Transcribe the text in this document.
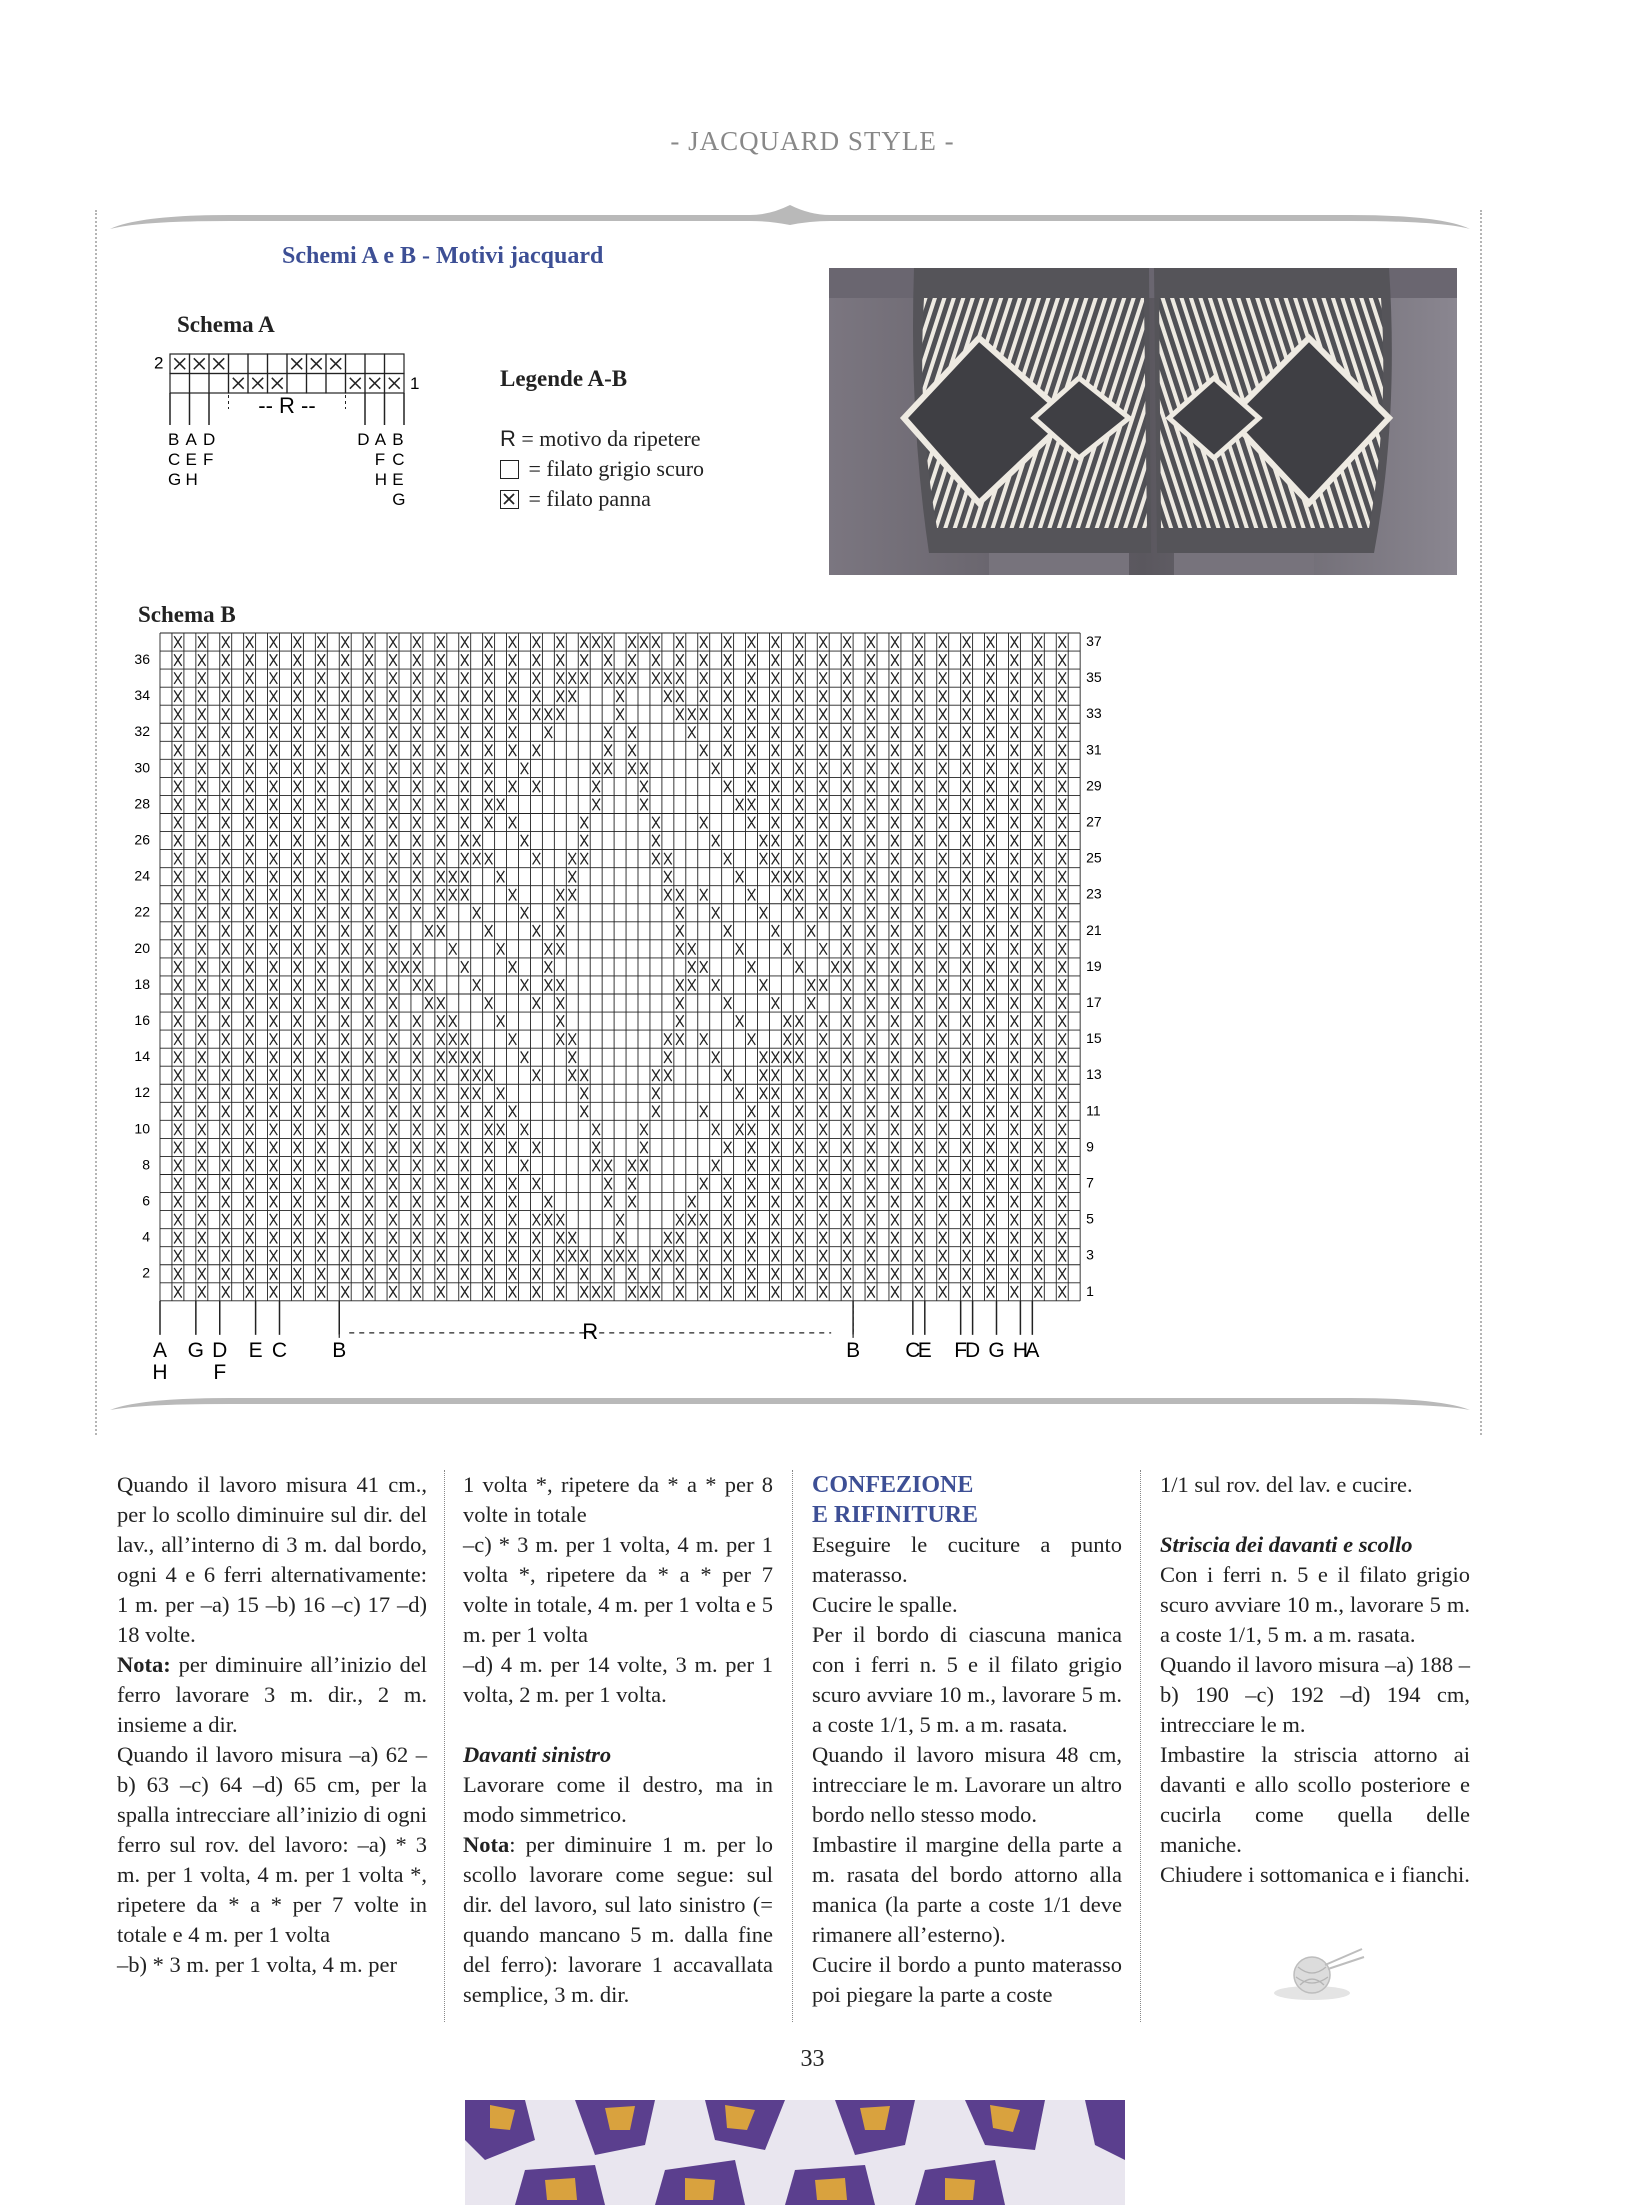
- JACQUARD STYLE -
Schemi A e B - Motivi jacquard
Schema A
2
1
-- R --
B
C
G
A
E
H
D
F
D A
F
H
B
C
E
G
Legende A-B
R = motivo da ripetere
= filato grigio scuro
= filato panna
Schema B
36
34
32
30
28
26
24
22
20
18
16
14
12
10
8
6
4
2
37
35
33
31
29
27
25
23
21
19
17
15
13
11
9
7
5
3
1
A
H
G D
F
E C B
R
B C
E F
D G H
A

Quando il lavoro misura 41 cm., per lo scollo diminuire sul dir. del lav., all’interno di 3 m. dal bordo, ogni 4 e 6 ferri alternativamente: 1 m. per –a) 15 –b) 16 –c) 17 –d) 18 volte.

Nota: per diminuire all’inizio del ferro lavorare 3 m. dir., 2 m. insieme a dir.

Quando il lavoro misura –a) 62 –b) 63 –c) 64 –d) 65 cm, per la spalla intrecciare all’inizio di ogni ferro sul rov. del lavoro: –a) * 3 m. per 1 volta, 4 m. per 1 volta *, ripetere da * a * per 7 volte in totale e 4 m. per 1 volta

–b) * 3 m. per 1 volta, 4 m. per

1 volta *, ripetere da * a * per 8 volte in totale

–c) * 3 m. per 1 volta, 4 m. per 1 volta *, ripetere da * a * per 7 volte in totale, 4 m. per 1 volta e 5 m. per 1 volta

–d) 4 m. per 14 volte, 3 m. per 1 volta, 2 m. per 1 volta.

Davanti sinistro

Lavorare come il destro, ma in modo simmetrico.

Nota: per diminuire 1 m. per lo scollo lavorare come segue: sul dir. del lavoro, sul lato sinistro (= quando mancano 5 m. dalla fine del ferro): lavorare 1 accavallata semplice, 3 m. dir.

CONFEZIONE

E RIFINITURE

Eseguire le cuciture a punto materasso.

Cucire le spalle.

Per il bordo di ciascuna manica con i ferri n. 5 e il filato grigio scuro avviare 10 m., lavorare 5 m. a coste 1/1, 5 m. a m. rasata.

Quando il lavoro misura 48 cm, intrecciare le m. Lavorare un altro bordo nello stesso modo.

Imbastire il margine della parte a m. rasata del bordo attorno alla manica (la parte a coste 1/1 deve rimanere all’esterno).

Cucire il bordo a punto materasso poi piegare la parte a coste

1/1 sul rov. del lav. e cucire.

Striscia dei davanti e scollo

Con i ferri n. 5 e il filato grigio scuro avviare 10 m., lavorare 5 m. a coste 1/1, 5 m. a m. rasata.

Quando il lavoro misura –a) 188 –b) 190 –c) 192 –d) 194 cm, intrecciare le m.

Imbastire la striscia attorno ai davanti e allo scollo posteriore e cucirla come quella delle maniche.

Chiudere i sottomanica e i fianchi.

33
